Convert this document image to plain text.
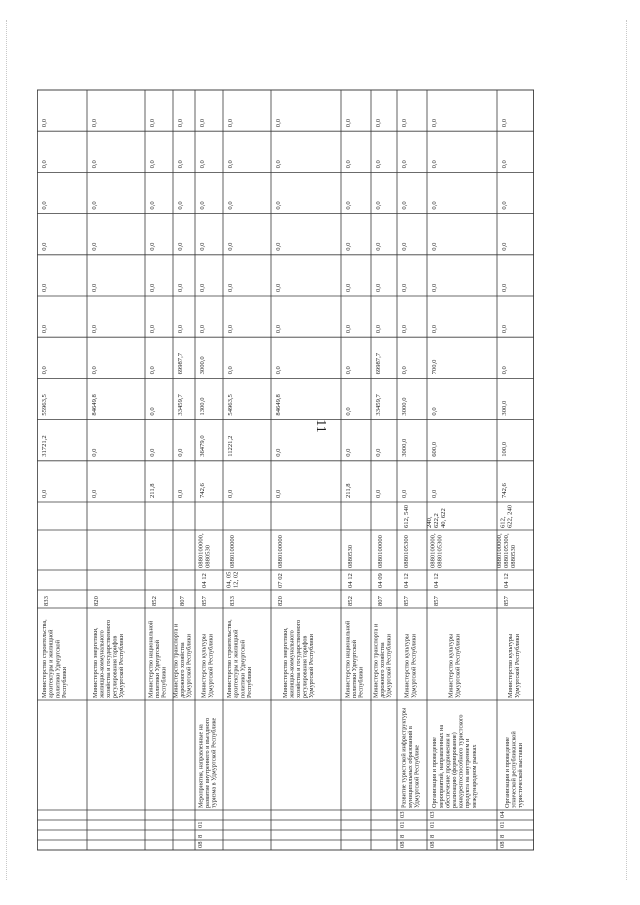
11
0,0
31721,2
55963,5
0,0
0,0
0,0
0,0
0,0
0,0
0,0
Министерство строительства, архитектуры и жилищной политики Удмуртской Республики
833
0,0
0,0
84649,8
0,0
0,0
0,0
0,0
0,0
0,0
0,0
Министерство энергетики, жилищно-коммунального хозяйства и государственного регулирования тарифов Удмуртской Республики
820
211,8
0,0
0,0
0,0
0,0
0,0
0,0
0,0
0,0
0,0
Министерство национальной политики Удмуртской Республики
852
0,0
0,0
33459,7
69987,7
0,0
0,0
0,0
0,0
0,0
0,0
Министерство транспорта и дорожного хозяйства Удмуртской Республики
807
08
8
01
742,6
36479,0
1300,0
3000,0
0,0
0,0
0,0
0,0
0,0
0,0
Мероприятия, направленные на развитие внутреннего и въездного туризма в Удмуртской Республике
Министерство культуры Удмуртской Республики
857
04 12
0880100000, 0880530
0,0
11221,2
54963,5
0,0
0,0
0,0
0,0
0,0
0,0
0,0
Министерство строительства, архитектуры и жилищной политики Удмуртской Республики
833
04, 05 12, 02
0880100000
0,0
0,0
84649,8
0,0
0,0
0,0
0,0
0,0
0,0
0,0
Министерство энергетики, жилищно-коммунального хозяйства и государственного регулирования тарифов Удмуртской Республики
820
07 02
0880100000
211,8
0,0
0,0
0,0
0,0
0,0
0,0
0,0
0,0
0,0
Министерство национальной политики Удмуртской Республики
852
04 12
0880530
0,0
0,0
33459,7
69987,7
0,0
0,0
0,0
0,0
0,0
0,0
Министерство транспорта и дорожного хозяйства Удмуртской Республики
807
04 09
0880100000
08
8
01
03
0,0
3000,0
3000,0
0,0
0,0
0,0
0,0
0,0
0,0
0,0
Развитие туристской инфраструктуры муниципальных образований в Удмуртской Республике
Министерство культуры Удмуртской Республики
857
04 12
0880105300
612, 540
08
8
01
03
0,0
600,0
0,0
700,0
0,0
0,0
0,0
0,0
0,0
0,0
Организация и проведение мероприятий, направленных на обеспечение продвижения и реализацию (формирование) конкурентоспособного туристского продукта на внутреннем и международном рынках
Министерство культуры Удмуртской Республики
857
04 12
0880100000, 0880105300
240, 622,2 40, 622
08
8
01
04
742,6
100,0
300,0
0,0
0,0
0,0
0,0
0,0
0,0
0,0
Организация и проведение этнической республиканской туристической выставки
Министерство культуры Удмуртской Республики
857
04 12
0880100000, 0880105300, 0880530
612, 622, 240
